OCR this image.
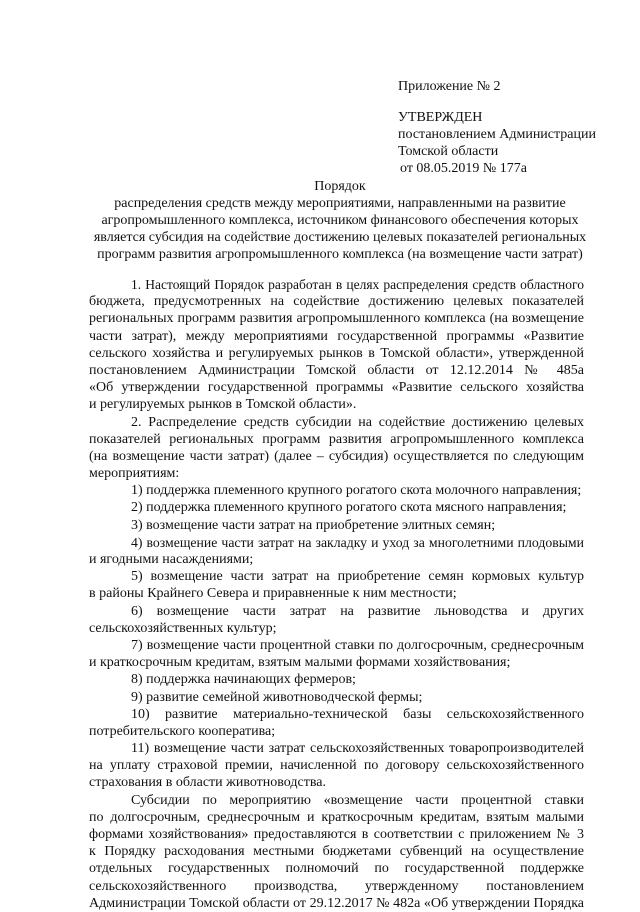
Приложение № 2
УТВЕРЖДЕН
постановлением Администрации
Томской области
от 08.05.2019 № 177а
Порядок
распределения средств между мероприятиями, направленными на развитие
агропромышленного комплекса, источником финансового обеспечения которых
является субсидия на содействие достижению целевых показателей региональных
программ развития агропромышленного комплекса (на возмещение части затрат)
1. Настоящий Порядок разработан в целях распределения средств областного
бюджета, предусмотренных на содействие достижению целевых показателей
региональных программ развития агропромышленного комплекса (на возмещение
части затрат), между мероприятиями государственной программы «Развитие
сельского хозяйства и регулируемых рынков в Томской области», утвержденной
постановлением Администрации Томской области от 12.12.2014 № 485а
«Об утверждении государственной программы «Развитие сельского хозяйства
и регулируемых рынков в Томской области».
2. Распределение средств субсидии на содействие достижению целевых
показателей региональных программ развития агропромышленного комплекса
(на возмещение части затрат) (далее – субсидия) осуществляется по следующим
мероприятиям:
1) поддержка племенного крупного рогатого скота молочного направления;
2) поддержка племенного крупного рогатого скота мясного направления;
3) возмещение части затрат на приобретение элитных семян;
4) возмещение части затрат на закладку и уход за многолетними плодовыми
и ягодными насаждениями;
5) возмещение части затрат на приобретение семян кормовых культур
в районы Крайнего Севера и приравненные к ним местности;
6) возмещение части затрат на развитие льноводства и других
сельскохозяйственных культур;
7) возмещение части процентной ставки по долгосрочным, среднесрочным
и краткосрочным кредитам, взятым малыми формами хозяйствования;
8) поддержка начинающих фермеров;
9) развитие семейной животноводческой фермы;
10) развитие материально-технической базы сельскохозяйственного
потребительского кооператива;
11) возмещение части затрат сельскохозяйственных товаропроизводителей
на уплату страховой премии, начисленной по договору сельскохозяйственного
страхования в области животноводства.
Субсидии по мероприятию «возмещение части процентной ставки
по долгосрочным, среднесрочным и краткосрочным кредитам, взятым малыми
формами хозяйствования» предоставляются в соответствии с приложением № 3
к Порядку расходования местными бюджетами субвенций на осуществление
отдельных государственных полномочий по государственной поддержке
сельскохозяйственного производства, утвержденному постановлением
Администрации Томской области от 29.12.2017 № 482а «Об утверждении Порядка
